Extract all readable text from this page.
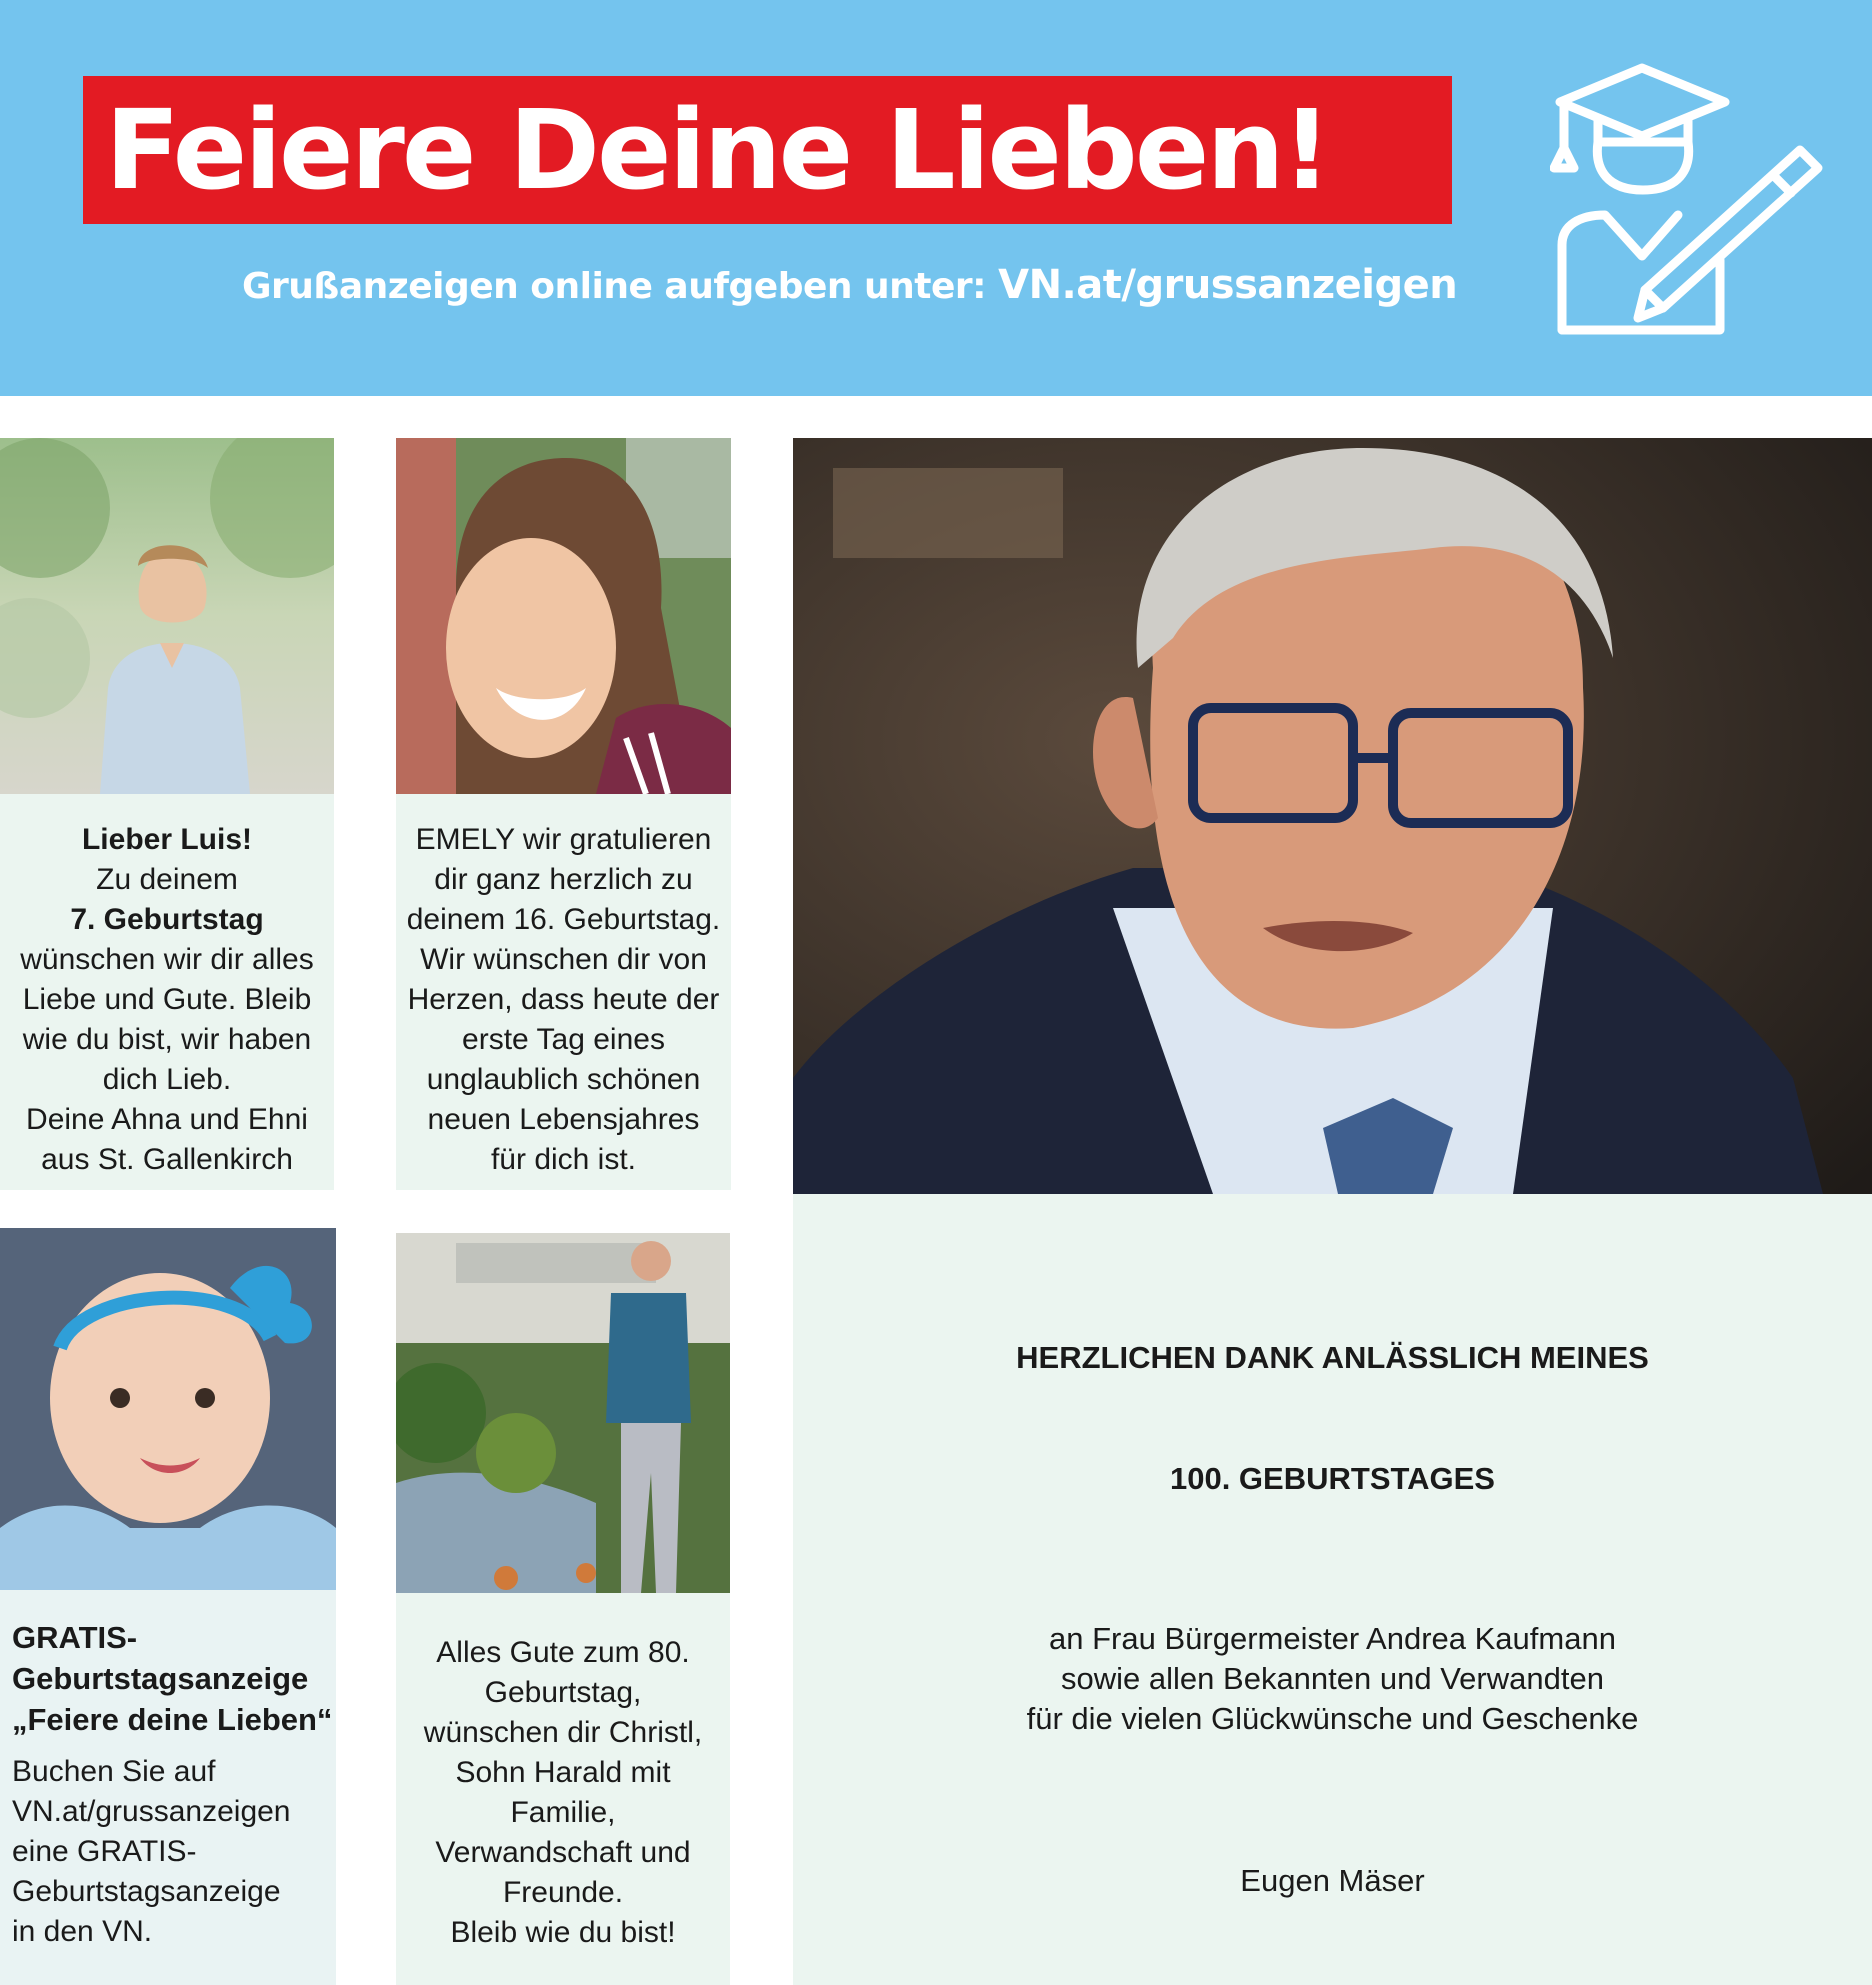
Feiere Deine Lieben!
Grußanzeigen online aufgeben unter: VN.at/grussanzeigen
Lieber Luis!
Zu deinem
7. Geburtstag
wünschen wir dir alles
Liebe und Gute. Bleib
wie du bist, wir haben
dich Lieb.
Deine Ahna und Ehni
aus St. Gallenkirch
EMELY wir gratulieren
dir ganz herzlich zu
deinem 16. Geburtstag.
Wir wünschen dir von
Herzen, dass heute der
erste Tag eines
unglaublich schönen
neuen Lebensjahres
für dich ist.
HERZLICHEN DANK ANLÄSSLICH MEINES
100. GEBURTSTAGES
an Frau Bürgermeister Andrea Kaufmann
sowie allen Bekannten und Verwandten
für die vielen Glückwünsche und Geschenke
Eugen Mäser
GRATIS-
Geburtstagsanzeige
„Feiere deine Lieben“
Buchen Sie auf
VN.at/grussanzeigen
eine GRATIS-
Geburtstagsanzeige
in den VN.
Alles Gute zum 80.
Geburtstag,
wünschen dir Christl,
Sohn Harald mit
Familie,
Verwandschaft und
Freunde.
Bleib wie du bist!
